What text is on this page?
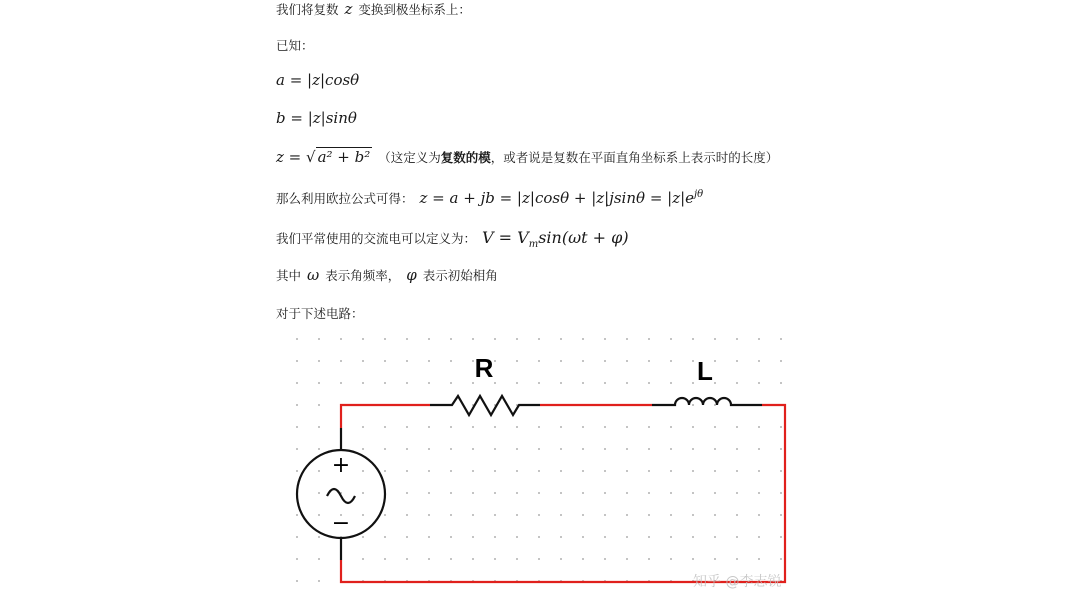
我们将复数 z 变换到极坐标系上：
已知：
a = |z|cosθ
b = |z|sinθ
z = √ a² + b² （这定义为复数的模，或者说是复数在平面直角坐标系上表示时的长度）
那么利用欧拉公式可得： z = a + jb = $|z|\cos\theta + |z|jsin\theta = |z|e^{j\theta}$
我们平常使用的交流电可以定义为： $V = V_m\sin(\omega t + \varphi)$
其中 ω 表示角频率， φ 表示初始相角
对于下述电路：
+
−
R	L
知乎 @李志锐
